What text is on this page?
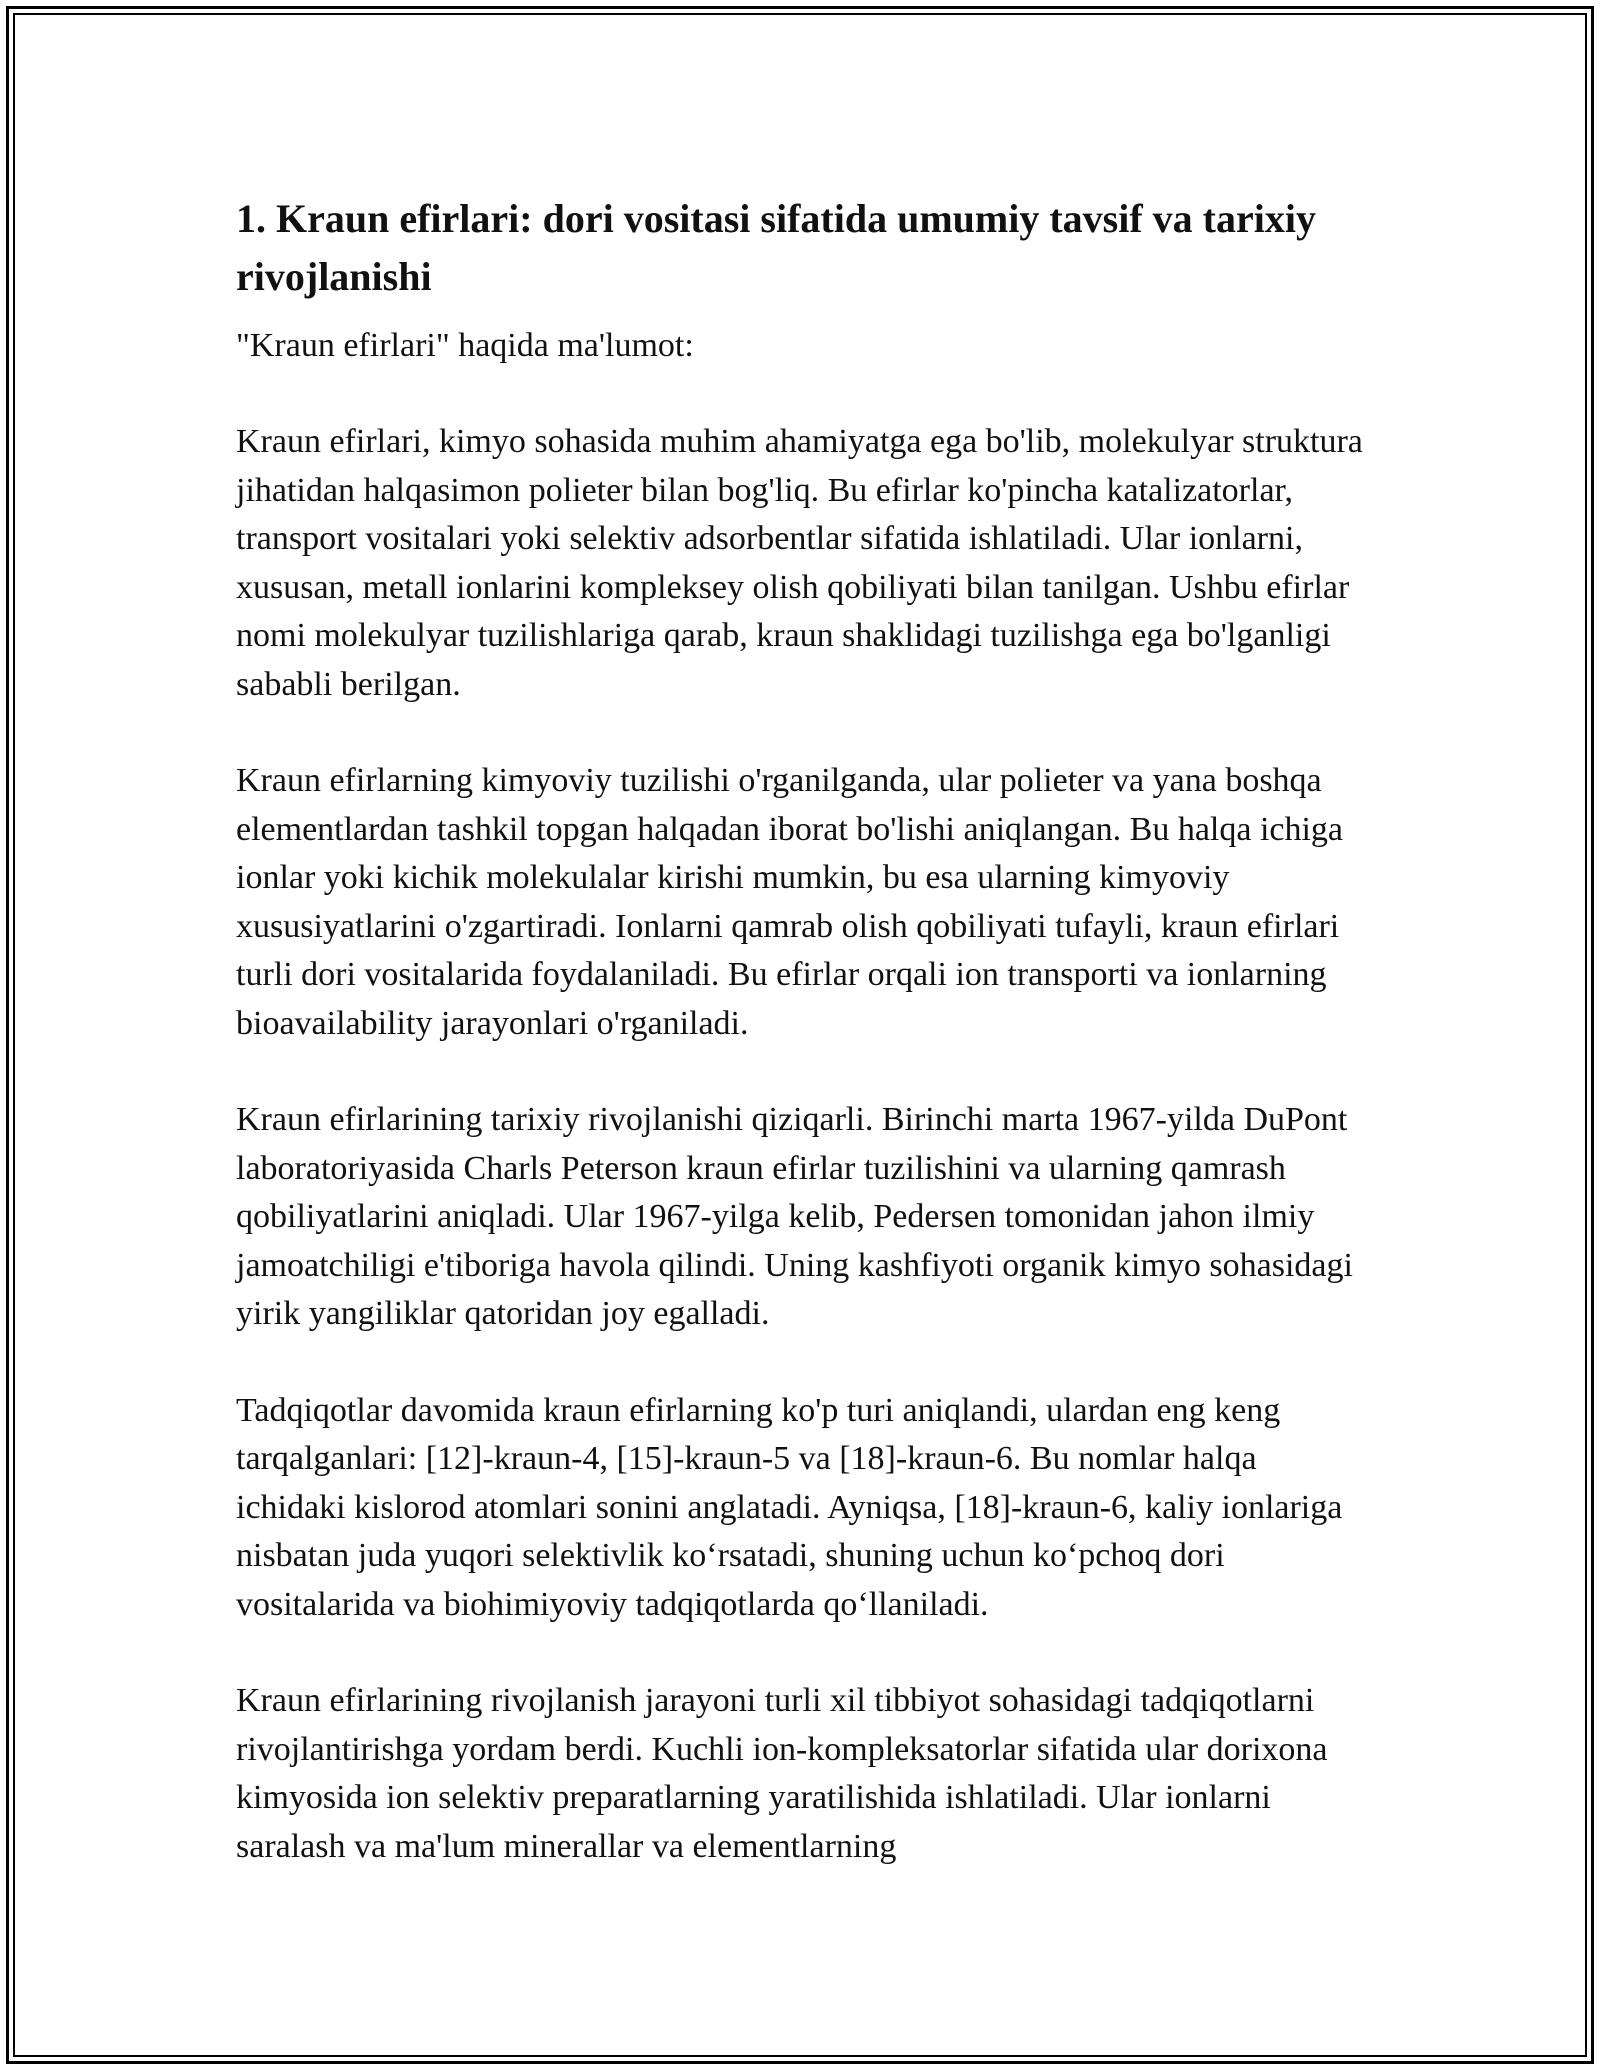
1. Kraun efirlari: dori vositasi sifatida umumiy tavsif va tarixiy rivojlanishi

"Kraun efirlari" haqida ma'lumot:

Kraun efirlari, kimyo sohasida muhim ahamiyatga ega bo'lib, molekulyar struktura jihatidan halqasimon polieter bilan bog'liq. Bu efirlar ko'pincha katalizatorlar, transport vositalari yoki selektiv adsorbentlar sifatida ishlatiladi. Ular ionlarni, xususan, metall ionlarini kompleksey olish qobiliyati bilan tanilgan. Ushbu efirlar nomi molekulyar tuzilishlariga qarab, kraun shaklidagi tuzilishga ega bo'lganligi sababli berilgan.

Kraun efirlarning kimyoviy tuzilishi o'rganilganda, ular polieter va yana boshqa elementlardan tashkil topgan halqadan iborat bo'lishi aniqlangan. Bu halqa ichiga ionlar yoki kichik molekulalar kirishi mumkin, bu esa ularning kimyoviy xususiyatlarini o'zgartiradi. Ionlarni qamrab olish qobiliyati tufayli, kraun efirlari turli dori vositalarida foydalaniladi. Bu efirlar orqali ion transporti va ionlarning bioavailability jarayonlari o'rganiladi.

Kraun efirlarining tarixiy rivojlanishi qiziqarli. Birinchi marta 1967-yilda DuPont laboratoriyasida Charls Peterson kraun efirlar tuzilishini va ularning qamrash qobiliyatlarini aniqladi. Ular 1967-yilga kelib, Pedersen tomonidan jahon ilmiy jamoatchiligi e'tiboriga havola qilindi. Uning kashfiyoti organik kimyo sohasidagi yirik yangiliklar qatoridan joy egalladi.

Tadqiqotlar davomida kraun efirlarning ko'p turi aniqlandi, ulardan eng keng tarqalganlari: [12]-kraun-4, [15]-kraun-5 va [18]-kraun-6. Bu nomlar halqa ichidaki kislorod atomlari sonini anglatadi. Ayniqsa, [18]-kraun-6, kaliy ionlariga nisbatan juda yuqori selektivlik ko‘rsatadi, shuning uchun ko‘pchoq dori vositalarida va biohimiyoviy tadqiqotlarda qo‘llaniladi.

Kraun efirlarining rivojlanish jarayoni turli xil tibbiyot sohasidagi tadqiqotlarni rivojlantirishga yordam berdi. Kuchli ion-kompleksatorlar sifatida ular dorixona kimyosida ion selektiv preparatlarning yaratilishida ishlatiladi. Ular ionlarni saralash va ma'lum minerallar va elementlarning
